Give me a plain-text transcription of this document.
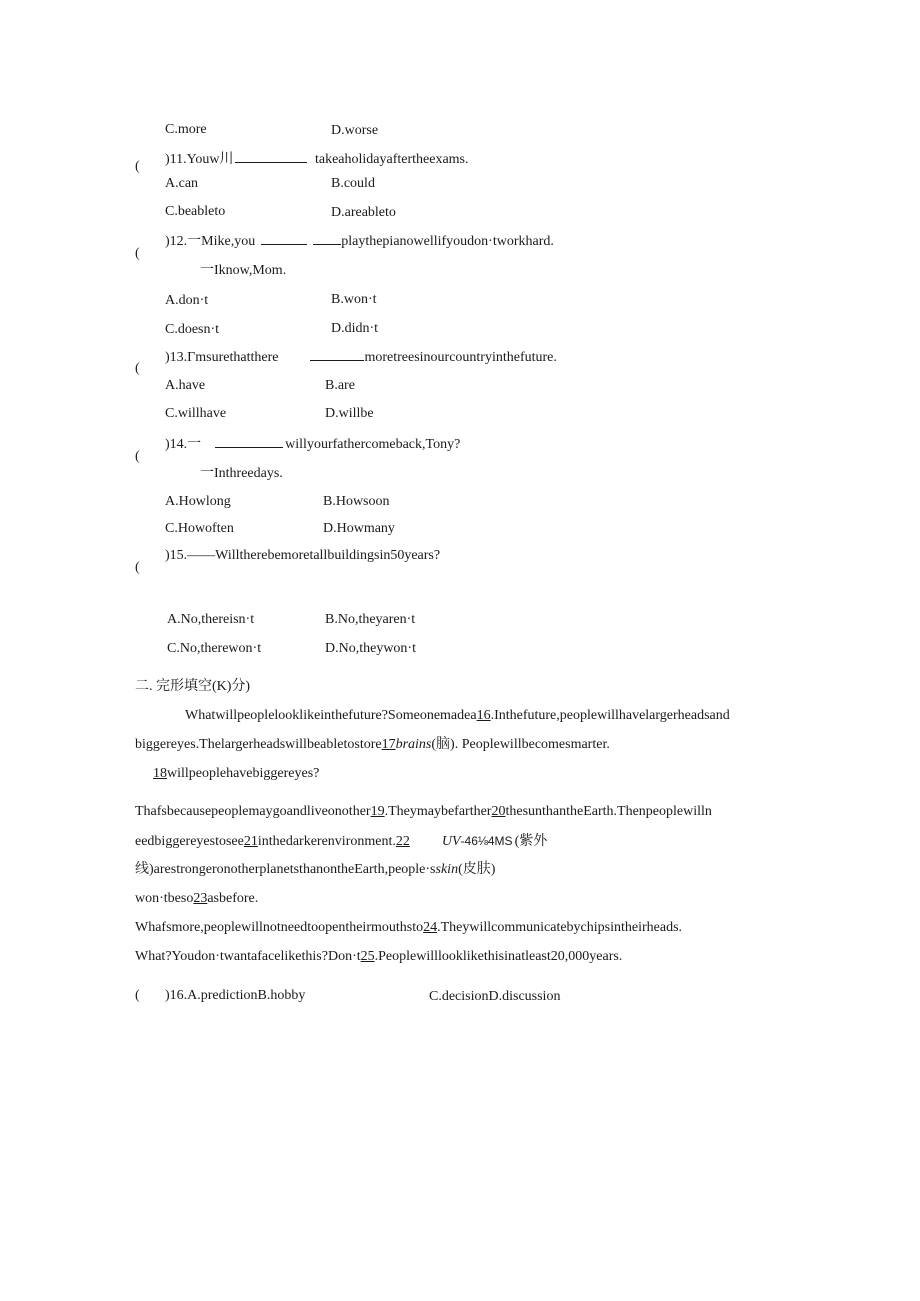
C.more	D.worse
( )11.Youw川	takeaholidayaftertheexams.
A.can	B.could
C.beableto	D.areableto
(
)12.一Mike,you	playthepianowellifyoudon·tworkhard.
一Iknow,Mom.
A.don·t	B.won·t
C.doesn·t	D.didn·t
(
)13.Γmsurethatthere	moretreesinourcountryinthefuture.
A.have	B.are
C.willhave	D.willbe
(
)14.一	willyourfathercomeback,Tony?
一Inthreedays.
A.Howlong	B.Howsoon
C.Howoften	D.Howmany
(
)15.——Willtherebemoretallbuildingsin50years?
A.No,thereisn·t	B.No,theyaren·t
C.No,therewon·t	D.No,theywon·t
二. 完形填空(K)分)
Whatwillpeoplelooklikeinthefuture?Someonemadea16.Inthefuture,peoplewillhavelargerheadsand
biggereyes.Thelargerheadswillbeabletostore17brains(脑). Peoplewillbecomesmarter.
18willpeoplehavebiggereyes?
Thafsbecausepeoplemaygoandliveonother19.Theymaybefarther20thesunthantheEarth.Thenpeoplewilln
eedbiggereyestosee21inthedarkerenvironment.22 UV-46⅛4MS (紫外
线)arestrongeronotherplanetsthanontheEarth,people·sskin(皮肤)
won·tbeso23asbefore.
Whafsmore,peoplewillnotneedtoopentheirmouthsto24.Theywillcommunicatebychipsintheirheads.
What?Youdon·twantafacelikethis?Don·t25.Peoplewilllooklikethisinatleast20,000years.
( )16.A.predictionB.hobby	C.decisionD.discussion
